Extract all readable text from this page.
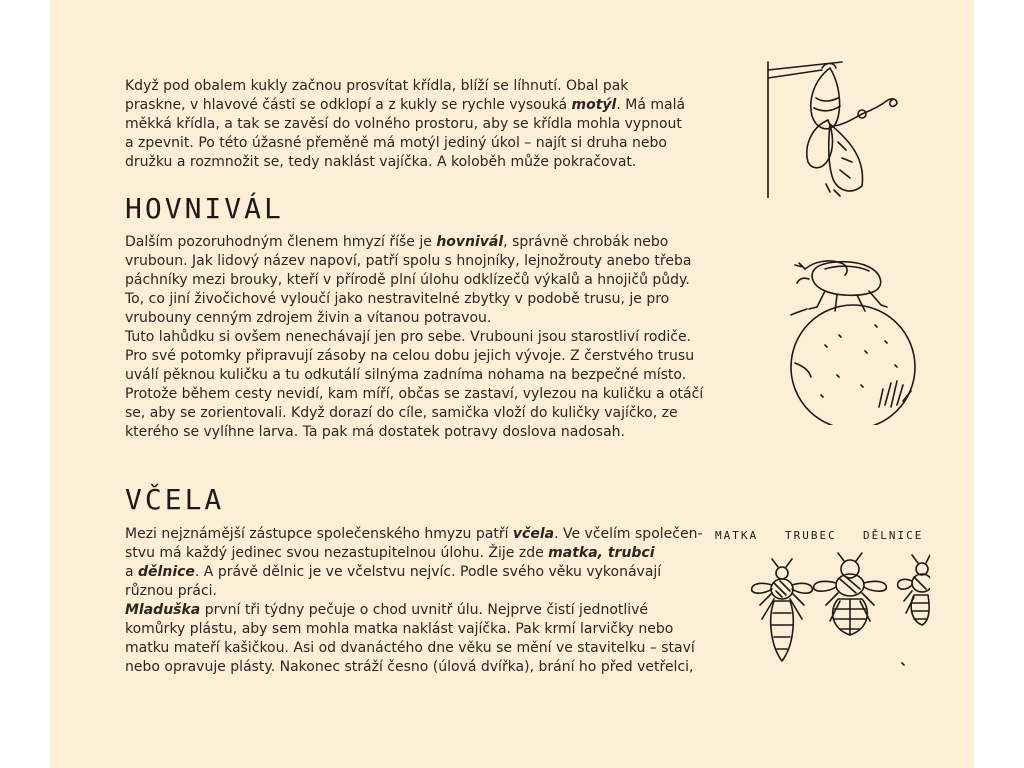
Když pod obalem kukly začnou prosvítat křídla, blíží se líhnutí. Obal pak
praskne, v hlavové části se odklopí a z kukly se rychle vysouká motýl. Má malá
měkká křídla, a tak se zavěsí do volného prostoru, aby se křídla mohla vypnout
a zpevnit. Po této úžasné přeměně má motýl jediný úkol – najít si druha nebo
družku a rozmnožit se, tedy naklást vajíčka. A koloběh může pokračovat.

HOVNIVÁL

Dalším pozoruhodným členem hmyzí říše je hovnivál, správně chrobák nebo
vruboun. Jak lidový název napoví, patří spolu s hnojníky, lejnožrouty anebo třeba
páchníky mezi brouky, kteří v přírodě plní úlohu odklízečů výkalů a hnojičů půdy.
To, co jiní živočichové vyloučí jako nestravitelné zbytky v podobě trusu, je pro
vrubouny cenným zdrojem živin a vítanou potravou.
Tuto lahůdku si ovšem nenechávají jen pro sebe. Vrubouni jsou starostliví rodiče.
Pro své potomky připravují zásoby na celou dobu jejich vývoje. Z čerstvého trusu
uválí pěknou kuličku a tu odkutálí silnýma zadníma nohama na bezpečné místo.
Protože během cesty nevidí, kam míří, občas se zastaví, vylezou na kuličku a otáčí
se, aby se zorientovali. Když dorazí do cíle, samička vloží do kuličky vajíčko, ze
kterého se vylíhne larva. Ta pak má dostatek potravy doslova nadosah.

VČELA

Mezi nejznámější zástupce společenského hmyzu patří včela. Ve včelím společen-
stvu má každý jedinec svou nezastupitelnou úlohu. Žije zde matka, trubci
a dělnice. A právě dělnic je ve včelstvu nejvíc. Podle svého věku vykonávají
různou práci.
Mladuška první tři týdny pečuje o chod uvnitř úlu. Nejprve čistí jednotlivé
komůrky plástu, aby sem mohla matka naklást vajíčka. Pak krmí larvičky nebo
matku mateří kašičkou. Asi od dvanáctého dne věku se mění ve stavitelku – staví
nebo opravuje plásty. Nakonec stráží česno (úlová dvířka), brání ho před vetřelci,

MATKA TRUBEC DĚLNICE
